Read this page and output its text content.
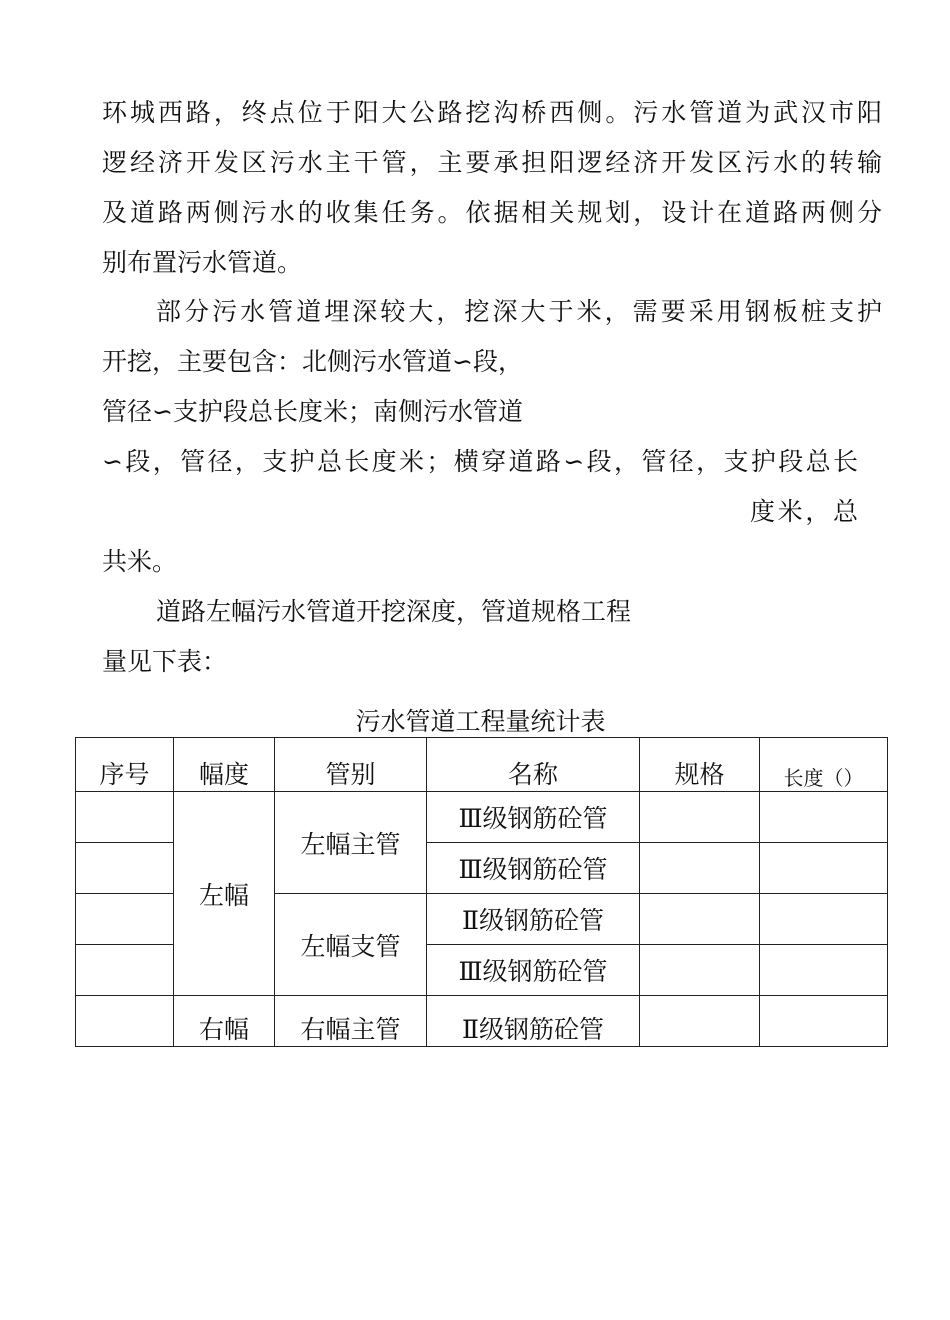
环城西路，终点位于阳大公路挖沟桥西侧。污水管道为武汉市阳
逻经济开发区污水主干管，主要承担阳逻经济开发区污水的转输
及道路两侧污水的收集任务。依据相关规划，设计在道路两侧分
别布置污水管道。
部分污水管道埋深较大，挖深大于米，需要采用钢板桩支护
开挖，主要包含：北侧污水管道∽段，
管径∽支护段总长度米；南侧污水管道
∽段，管径，支护总长度米；横穿道路∽段，管径，支护段总长
度米，总
共米。
道路左幅污水管道开挖深度，管道规格工程
量见下表：
污水管道工程量统计表
序号	幅度	管别	名称	规格	长度（）
	左幅	左幅主管	Ⅲ级钢筋砼管		
			Ⅲ级钢筋砼管		
		左幅支管	Ⅱ级钢筋砼管		
			Ⅲ级钢筋砼管		
	右幅	右幅主管	Ⅱ级钢筋砼管		
